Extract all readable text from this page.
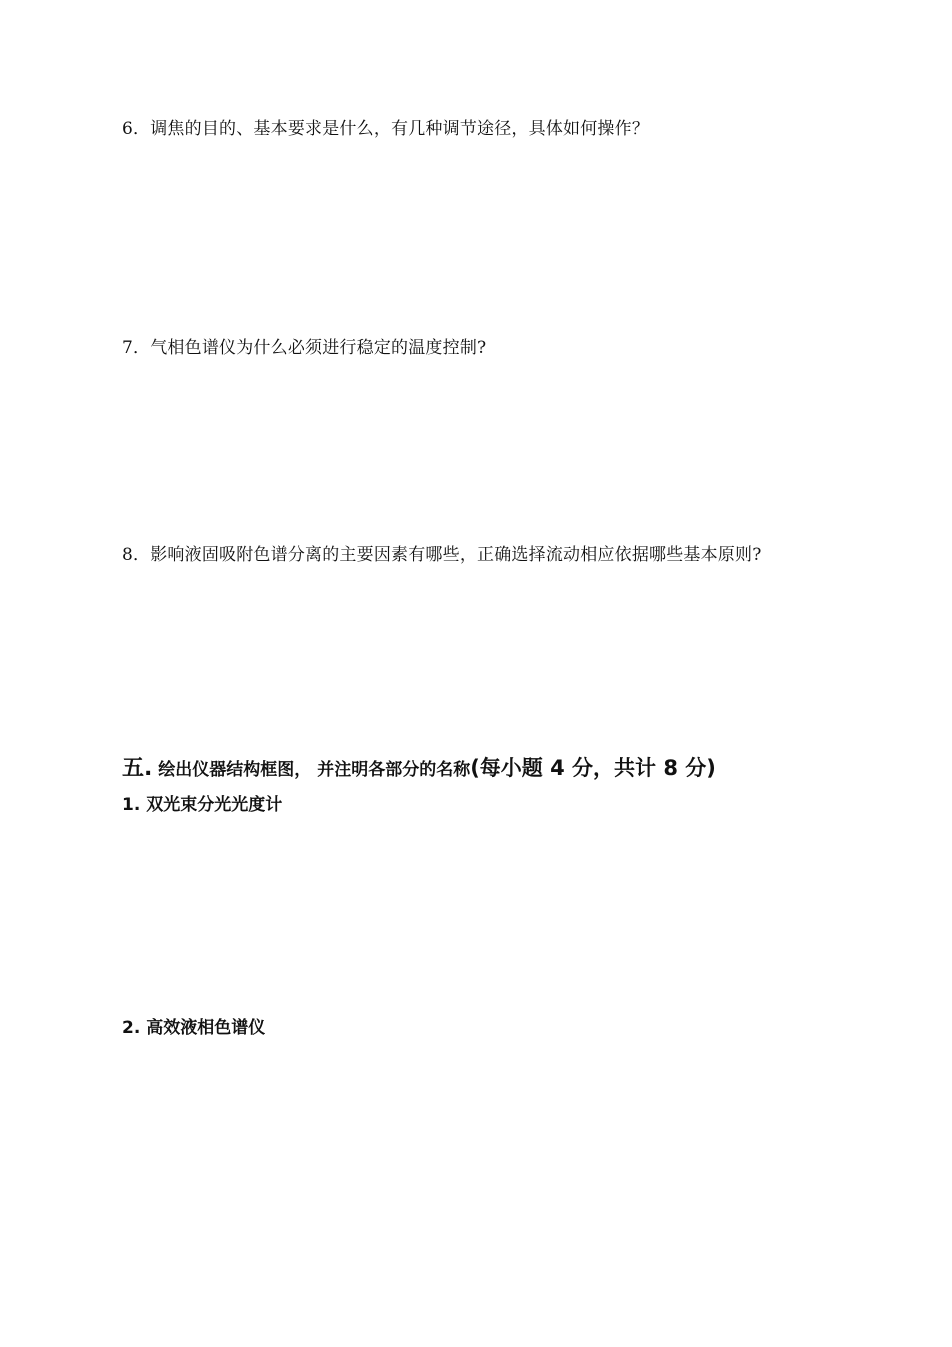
6．调焦的目的、基本要求是什么，有几种调节途径，具体如何操作？
7．气相色谱仪为什么必须进行稳定的温度控制?
8．影响液固吸附色谱分离的主要因素有哪些，正确选择流动相应依据哪些基本原则?
五. 绘出仪器结构框图， 并注明各部分的名称(每小题 4 分，共计 8 分)
1. 双光束分光光度计
2. 高效液相色谱仪
